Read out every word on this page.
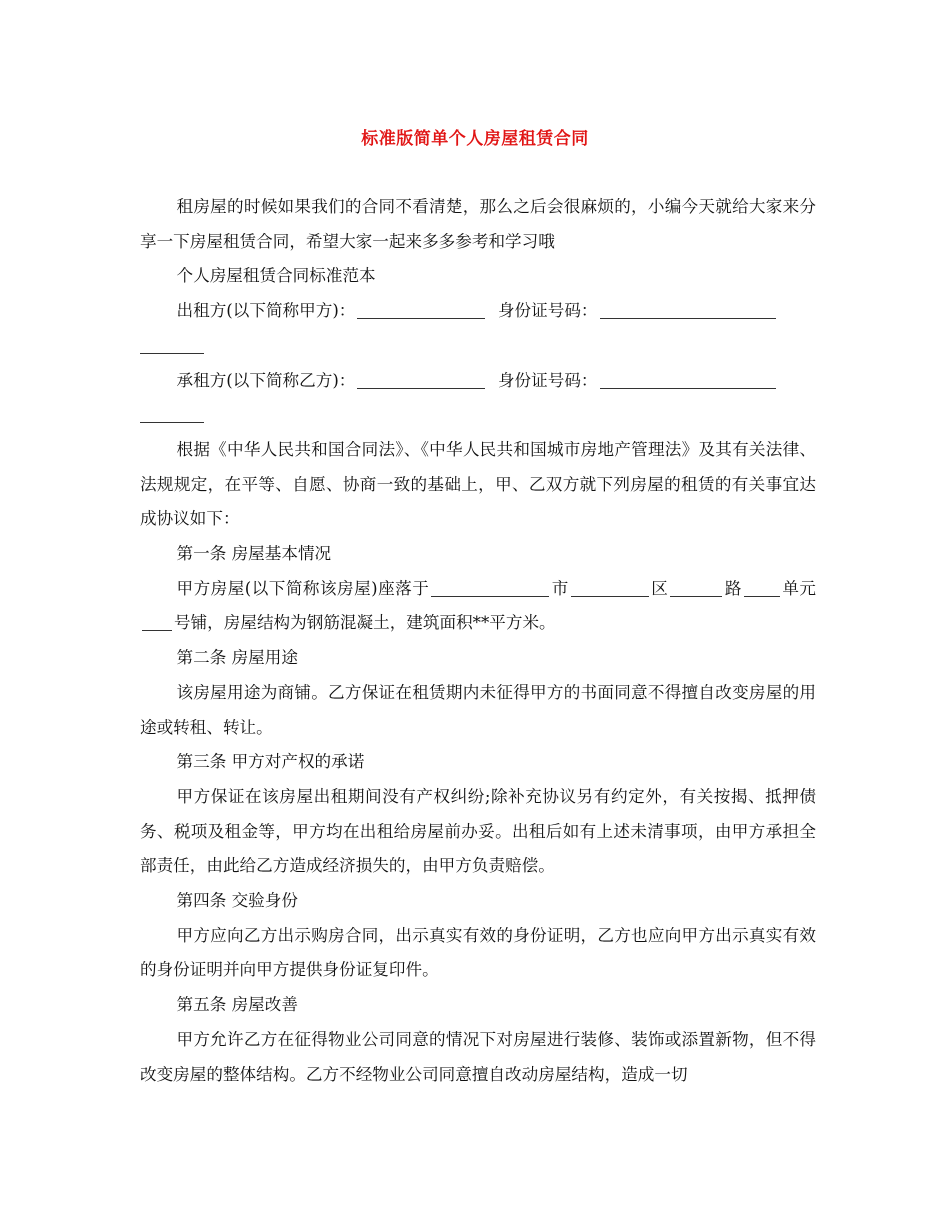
标准版简单个人房屋租赁合同

租房屋的时候如果我们的合同不看清楚，那么之后会很麻烦的，小编今天就给大家来分享一下房屋租赁合同，希望大家一起来多多参考和学习哦

个人房屋租赁合同标准范本

出租方(以下简称甲方)：	身份证号码：

承租方(以下简称乙方)：	身份证号码：

根据《中华人民共和国合同法》、《中华人民共和国城市房地产管理法》及其有关法律、法规规定，在平等、自愿、协商一致的基础上，甲、乙双方就下列房屋的租赁的有关事宜达成协议如下：

第一条 房屋基本情况

甲方房屋(以下简称该房屋)座落于	市	区	路 单元号铺，房屋结构为钢筋混凝土，建筑面积**平方米。

第二条 房屋用途

该房屋用途为商铺。乙方保证在租赁期内未征得甲方的书面同意不得擅自改变房屋的用途或转租、转让。

第三条 甲方对产权的承诺

甲方保证在该房屋出租期间没有产权纠纷;除补充协议另有约定外，有关按揭、抵押债务、税项及租金等，甲方均在出租给房屋前办妥。出租后如有上述未清事项，由甲方承担全部责任，由此给乙方造成经济损失的，由甲方负责赔偿。

第四条 交验身份

甲方应向乙方出示购房合同，出示真实有效的身份证明，乙方也应向甲方出示真实有效的身份证明并向甲方提供身份证复印件。

第五条 房屋改善

甲方允许乙方在征得物业公司同意的情况下对房屋进行装修、装饰或添置新物，但不得改变房屋的整体结构。乙方不经物业公司同意擅自改动房屋结构，造成一切
